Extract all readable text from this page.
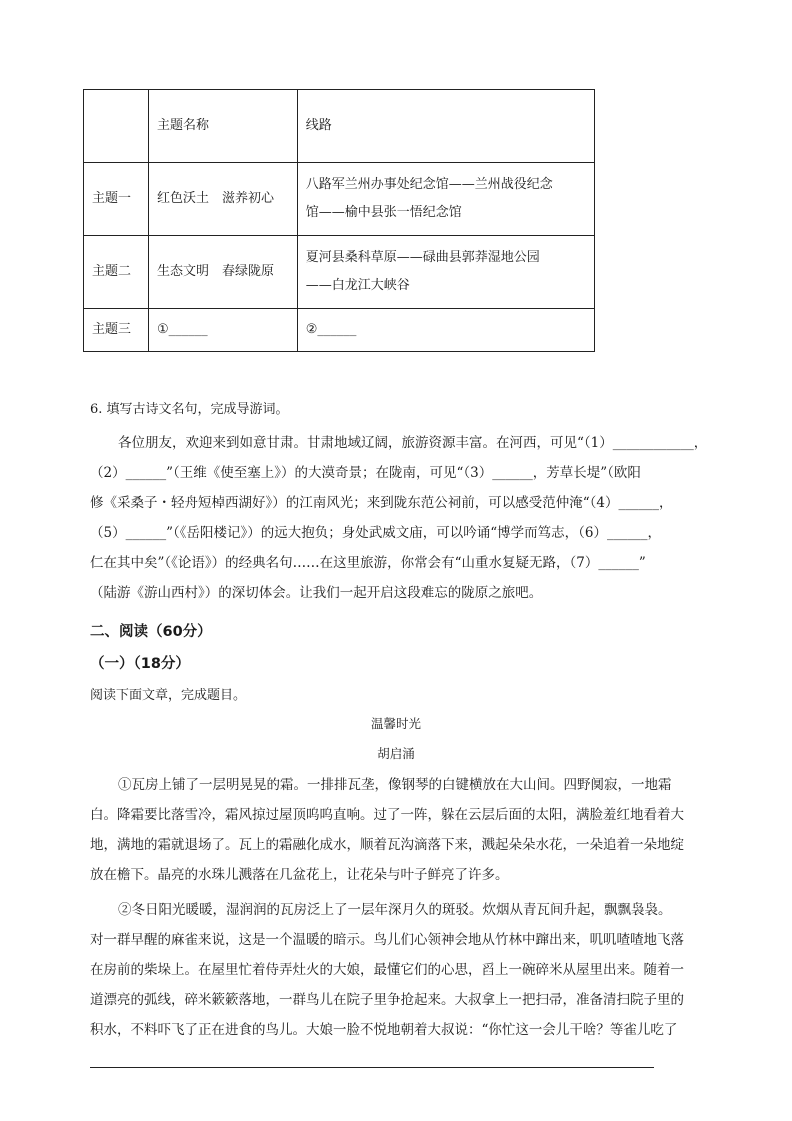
	主题名称	线路
主题一	红色沃土　滋养初心	八路军兰州办事处纪念馆——兰州战役纪念
馆——榆中县张一悟纪念馆

主题二	生态文明　春绿陇原	夏河县桑科草原——碌曲县郭莽湿地公园
——白龙江大峡谷

主题三	①______	②______
6. 填写古诗文名句，完成导游词。
各位朋友，欢迎来到如意甘肃。甘肃地域辽阔，旅游资源丰富。在河西，可见“（1）____________，
（2）______”（王维《使至塞上》）的大漠奇景；在陇南，可见“（3）______，芳草长堤”（欧阳
修《采桑子・轻舟短棹西湖好》）的江南风光；来到陇东范公祠前，可以感受范仲淹“（4）______，
（5）______”（《岳阳楼记》）的远大抱负；身处武威文庙，可以吟诵“博学而笃志，（6）______，
仁在其中矣”（《论语》）的经典名句……在这里旅游，你常会有“山重水复疑无路，（7）______”
（陆游《游山西村》）的深切体会。让我们一起开启这段难忘的陇原之旅吧。
二、阅读（60分）
（一）（18分）
阅读下面文章，完成题目。
温馨时光
胡启涌
①瓦房上铺了一层明晃晃的霜。一排排瓦垄，像钢琴的白键横放在大山间。四野阒寂，一地霜
白。降霜要比落雪冷，霜风掠过屋顶呜呜直响。过了一阵，躲在云层后面的太阳，满脸羞红地看着大
地，满地的霜就退场了。瓦上的霜融化成水，顺着瓦沟滴落下来，溅起朵朵水花，一朵追着一朵地绽
放在檐下。晶亮的水珠儿溅落在几盆花上，让花朵与叶子鲜亮了许多。
②冬日阳光暖暖，湿润润的瓦房泛上了一层年深月久的斑驳。炊烟从青瓦间升起，飘飘袅袅。
对一群早醒的麻雀来说，这是一个温暖的暗示。鸟儿们心领神会地从竹林中蹿出来，叽叽喳喳地飞落
在房前的柴垛上。在屋里忙着侍弄灶火的大娘，最懂它们的心思，舀上一碗碎米从屋里出来。随着一
道漂亮的弧线，碎米簌簌落地，一群鸟儿在院子里争抢起来。大叔拿上一把扫帚，准备清扫院子里的
积水，不料吓飞了正在进食的鸟儿。大娘一脸不悦地朝着大叔说：“你忙这一会儿干啥？等雀儿吃了
